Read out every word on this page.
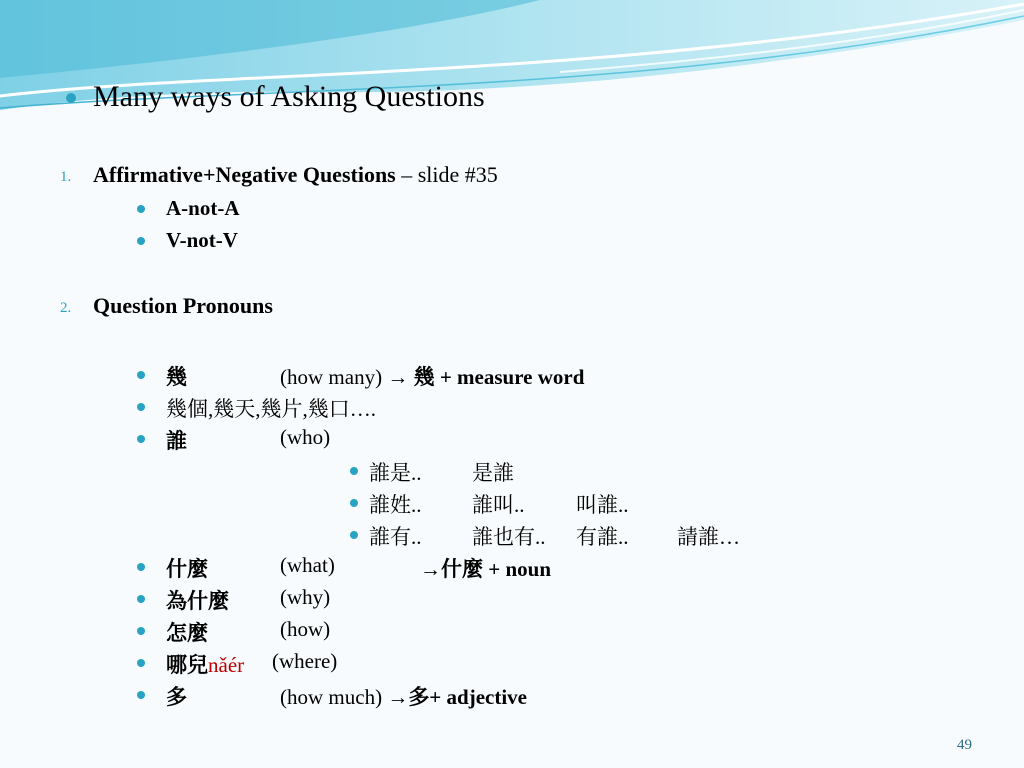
Many ways of Asking Questions
1. Affirmative+Negative Questions – slide #35
A-not-A
V-not-V
2. Question Pronouns
幾	(how many) → 幾 + measure word
幾個,幾天,幾片,幾口….
誰	(who)
誰是.. 是誰
誰姓.. 誰叫.. 叫誰..
誰有.. 誰也有.. 有誰.. 請誰…
什麼	(what)	→什麼 + noun
為什麼 (why)
怎麼	(how)
哪兒nǎér (where)
多	(how much) →多+ adjective
49
